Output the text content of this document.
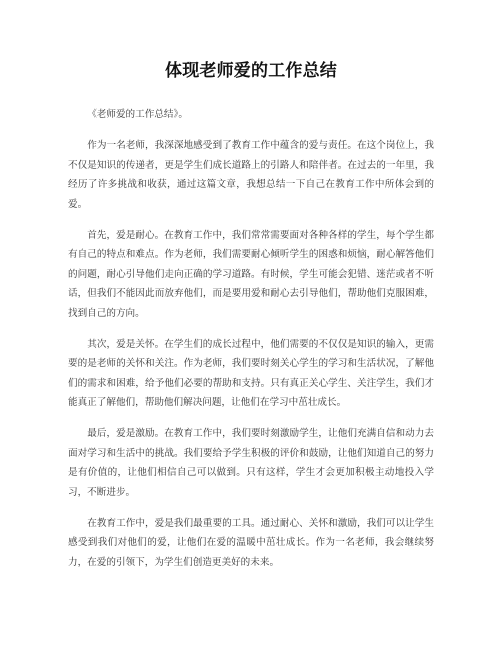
体现老师爱的工作总结

《老师爱的工作总结》。

作为一名老师，我深深地感受到了教育工作中蕴含的爱与责任。在这个岗位上，我不仅是知识的传递者，更是学生们成长道路上的引路人和陪伴者。在过去的一年里，我经历了许多挑战和收获，通过这篇文章，我想总结一下自己在教育工作中所体会到的爱。

首先，爱是耐心。在教育工作中，我们常常需要面对各种各样的学生，每个学生都有自己的特点和难点。作为老师，我们需要耐心倾听学生的困惑和烦恼，耐心解答他们的问题，耐心引导他们走向正确的学习道路。有时候，学生可能会犯错、迷茫或者不听话，但我们不能因此而放弃他们，而是要用爱和耐心去引导他们，帮助他们克服困难，找到自己的方向。

其次，爱是关怀。在学生们的成长过程中，他们需要的不仅仅是知识的输入，更需要的是老师的关怀和关注。作为老师，我们要时刻关心学生的学习和生活状况，了解他们的需求和困难，给予他们必要的帮助和支持。只有真正关心学生、关注学生，我们才能真正了解他们，帮助他们解决问题，让他们在学习中茁壮成长。

最后，爱是激励。在教育工作中，我们要时刻激励学生，让他们充满自信和动力去面对学习和生活中的挑战。我们要给予学生积极的评价和鼓励，让他们知道自己的努力是有价值的，让他们相信自己可以做到。只有这样，学生才会更加积极主动地投入学习，不断进步。

在教育工作中，爱是我们最重要的工具。通过耐心、关怀和激励，我们可以让学生感受到我们对他们的爱，让他们在爱的温暖中茁壮成长。作为一名老师，我会继续努力，在爱的引领下，为学生们创造更美好的未来。
